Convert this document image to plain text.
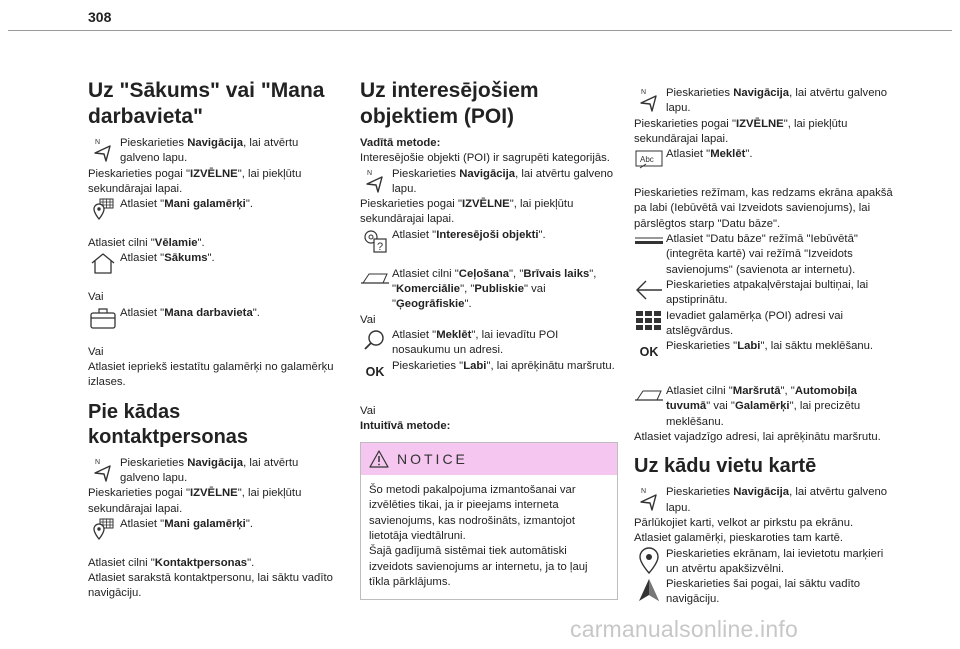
308
Uz "Sākums" vai "Mana darbavieta"
N Pieskarieties Navigācija, lai atvērtu galveno lapu.

Pieskarieties pogai "IZVĒLNE", lai piekļūtu sekundārajai lapai.

Atlasiet "Mani galamērķi".

Atlasiet cilni "Vēlamie".

Atlasiet "Sākums".

Vai

Atlasiet "Mana darbavieta".

Vai

Atlasiet iepriekš iestatītu galamērķi no galamērķu izlases.

Pie kādas kontaktpersonas
N Pieskarieties Navigācija, lai atvērtu galveno lapu.

Pieskarieties pogai "IZVĒLNE", lai piekļūtu sekundārajai lapai.

Atlasiet "Mani galamērķi".

Atlasiet cilni "Kontaktpersonas".

Atlasiet sarakstā kontaktpersonu, lai sāktu vadīto navigāciju.

Uz interesējošiem objektiem (POI)

Vadītā metode:

Interesējošie objekti (POI) ir sagrupēti kategorijās.

N Pieskarieties Navigācija, lai atvērtu galveno lapu.

Pieskarieties pogai "IZVĒLNE", lai piekļūtu sekundārajai lapai.

?

Atlasiet "Interesējoši objekti".

Atlasiet cilni "Ceļošana", "Brīvais laiks", "Komerciālie", "Publiskie" vai "Ģeogrāfiskie".

Vai

Atlasiet "Meklēt", lai ievadītu POI nosaukumu un adresi.

OK Pieskarieties "Labi", lai aprēķinātu maršrutu.

Vai

Intuitīvā metode:

NOTICE

Šo metodi pakalpojuma izmantošanai var izvēlēties tikai, ja ir pieejams interneta savienojums, kas nodrošināts, izmantojot lietotāja viedtālruni.

Šajā gadījumā sistēmai tiek automātiski izveidots savienojums ar internetu, ja to ļauj tīkla pārklājums.

N Pieskarieties Navigācija, lai atvērtu galveno lapu.

Pieskarieties pogai "IZVĒLNE", lai piekļūtu sekundārajai lapai.

Abc Atlasiet "Meklēt".

Pieskarieties režīmam, kas redzams ekrāna apakšā pa labi (Iebūvētā vai Izveidots savienojums), lai pārslēgtos starp "Datu bāze".

Atlasiet "Datu bāze" režīmā "Iebūvētā" (integrēta kartē) vai režīmā "Izveidots savienojums" (savienota ar internetu).

Pieskarieties atpakaļvērstajai bultiņai, lai apstiprinātu.

Ievadiet galamērķa (POI) adresi vai atslēgvārdus.

OK Pieskarieties "Labi", lai sāktu meklēšanu.

Atlasiet cilni "Maršrutā", "Automobiļa tuvumā" vai "Galamērķi", lai precizētu meklēšanu.

Atlasiet vajadzīgo adresi, lai aprēķinātu maršrutu.

Uz kādu vietu kartē
N Pieskarieties Navigācija, lai atvērtu galveno lapu.

Pārlūkojiet karti, velkot ar pirkstu pa ekrānu.

Atlasiet galamērķi, pieskaroties tam kartē.

Pieskarieties ekrānam, lai ievietotu marķieri un atvērtu apakšizvēlni.

Pieskarieties šai pogai, lai sāktu vadīto navigāciju.

carmanualsonline.info
